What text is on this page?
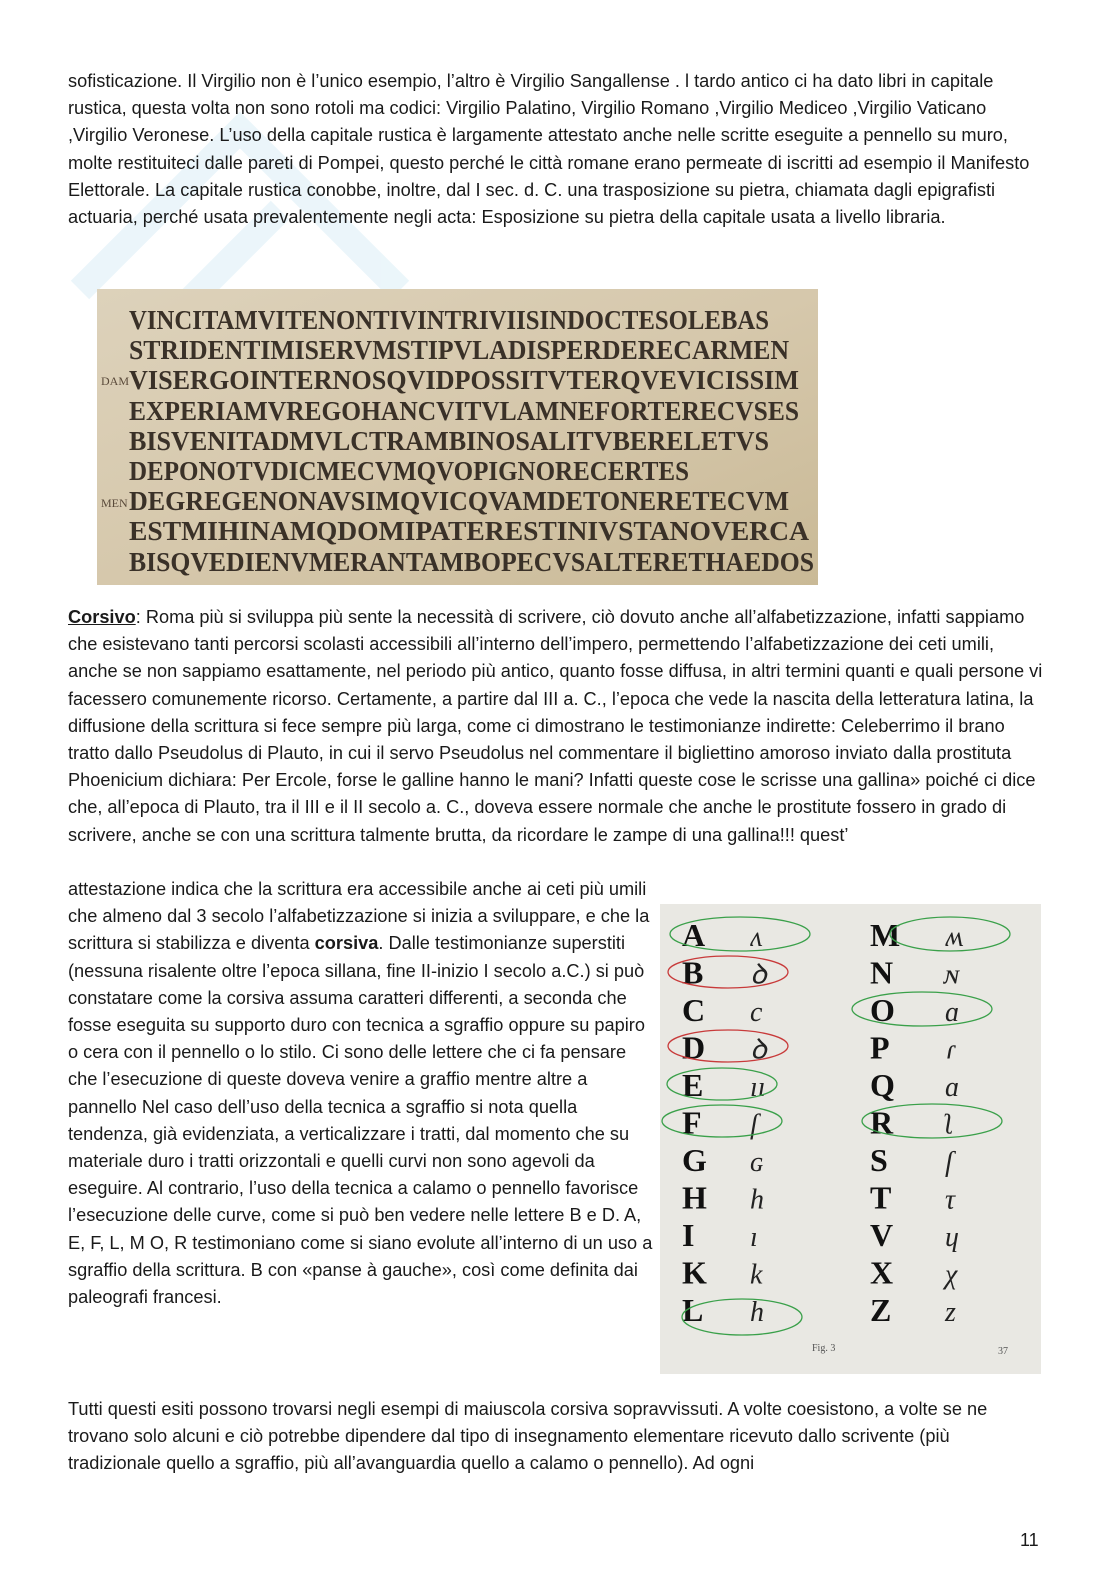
sofisticazione. Il Virgilio non è l’unico esempio, l’altro è Virgilio Sangallense . l tardo antico ci ha dato libri in capitale rustica, questa volta non sono rotoli ma codici: Virgilio Palatino, Virgilio Romano ,Virgilio Mediceo ,Virgilio Vaticano ,Virgilio Veronese. L’uso della capitale rustica è largamente attestato anche nelle scritte eseguite a pennello su muro, molte restituiteci dalle pareti di Pompei, questo perché le città romane erano permeate di iscritti ad esempio il Manifesto Elettorale. La capitale rustica conobbe, inoltre, dal I sec. d. C. una trasposizione su pietra, chiamata dagli epigrafisti actuaria, perché usata prevalentemente negli acta: Esposizione su pietra della capitale usata a livello libraria.

VINCITAMVITENONTIVINTRIVIISINDOCTESOLEBAS
STRIDENTIMISERVMSTIPVLADISPERDERECARMEN
VISERGOINTERNOSQVIDPOSSITVTERQVEVICISSIM
EXPERIAMVREGOHANCVITVLAMNEFORTERECVSES
BISVENITADMVLCTRAMBINOSALITVBERELETVS
DEPONOTVDICMECVMQVOPIGNORECERTES
DEGREGENONAVSIMQVICQVAMDETONERETECVM
ESTMIHINAMQDOMIPATERESTINIVSTANOVERCA
BISQVEDIENVMERANTAMBOPECVSALTERETHAEDOS
DAM
MEN

Corsivo: Roma più si sviluppa più sente la necessità di scrivere, ciò dovuto anche all’alfabetizzazione, infatti sappiamo che esistevano tanti percorsi scolasti accessibili all’interno dell’impero, permettendo l’alfabetizzazione dei ceti umili, anche se non sappiamo esattamente, nel periodo più antico, quanto fosse diffusa, in altri termini quanti e quali persone vi facessero comunemente ricorso. Certamente, a partire dal III a. C., l’epoca che vede la nascita della letteratura latina, la diffusione della scrittura si fece sempre più larga, come ci dimostrano le testimonianze indirette: Celeberrimo il brano tratto dallo Pseudolus di Plauto, in cui il servo Pseudolus nel commentare il bigliettino amoroso inviato dalla prostituta Phoenicium dichiara: Per Ercole, forse le galline hanno le mani? Infatti queste cose le scrisse una gallina» poiché ci dice che, all’epoca di Plauto, tra il III e il II secolo a. C., doveva essere normale che anche le prostitute fossero in grado di scrivere, anche se con una scrittura talmente brutta, da ricordare le zampe di una gallina!!! quest’

attestazione indica che la scrittura era accessibile anche ai ceti più umili che almeno dal 3 secolo l’alfabetizzazione si inizia a sviluppare, e che la scrittura si stabilizza e diventa corsiva. Dalle testimonianze superstiti (nessuna risalente oltre l’epoca sillana, fine II-inizio I secolo a.C.) si può constatare come la corsiva assuma caratteri differenti, a seconda che fosse eseguita su supporto duro con tecnica a sgraffio oppure su papiro o cera con il pennello o lo stilo. Ci sono delle lettere che ci fa pensare che l’esecuzione di queste doveva venire a graffio mentre altre a pannello Nel caso dell’uso della tecnica a sgraffio si nota quella tendenza, già evidenziata, a verticalizzare i tratti, dal momento che su materiale duro i tratti orizzontali e quelli curvi non sono agevoli da eseguire. Al contrario, l’uso della tecnica a calamo o pennello favorisce l’esecuzione delle curve, come si può ben vedere nelle lettere B e D. A, E, F, L, M O, R testimoniano come si siano evolute all’interno di un uso a sgraffio della scrittura. B con «panse à gauche», così come definita dai paleografi francesi.

A
B
C
D
E
F
G
H
I
K
L
ʌ
ꝺ
c
ꝺ
ıı
ſ
ɢ
h
ı
k
h
M
N
O
P
Q
R
S
T
V
X
Z
ʍ
ɴ
ɑ
ɾ
ɑ
ʅ
ſ
τ
ɥ
χ
z
Fig. 3	37

Tutti questi esiti possono trovarsi negli esempi di maiuscola corsiva sopravvissuti. A volte coesistono, a volte se ne trovano solo alcuni e ciò potrebbe dipendere dal tipo di insegnamento elementare ricevuto dallo scrivente (più tradizionale quello a sgraffio, più all’avanguardia quello a calamo o pennello). Ad ogni

11
